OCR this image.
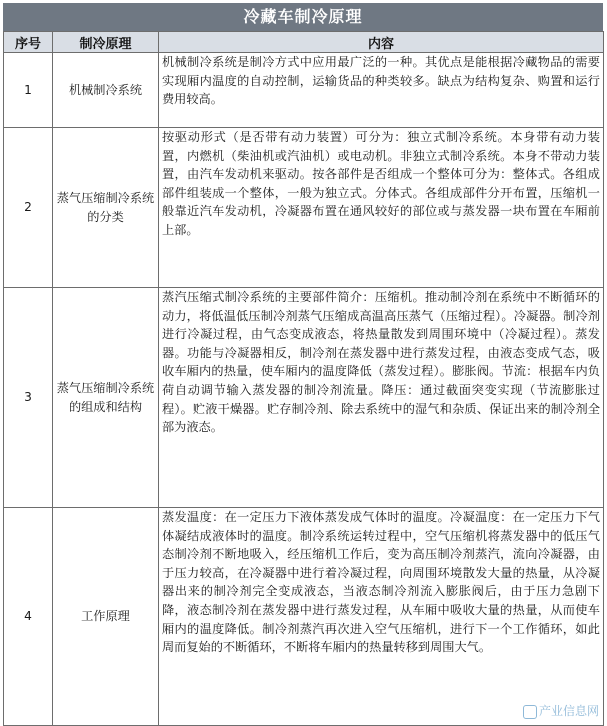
冷藏车制冷原理
序号	制冷原理	内容
1	机械制冷系统	机械制冷系统是制冷方式中应用最广泛的一种。其优点是能根据冷藏物品的需要实现厢内温度的自动控制，运输货品的种类较多。缺点为结构复杂、购置和运行费用较高。
2	蒸气压缩制冷系统的分类	按驱动形式（是否带有动力装置）可分为：独立式制冷系统。本身带有动力装置，内燃机（柴油机或汽油机）或电动机。非独立式制冷系统。本身不带动力装置，由汽车发动机来驱动。按各部件是否组成一个整体可分为：整体式。各组成部件组装成一个整体，一般为独立式。分体式。各组成部件分开布置，压缩机一般靠近汽车发动机，冷凝器布置在通风较好的部位或与蒸发器一块布置在车厢前上部。
3	蒸气压缩制冷系统的组成和结构	蒸汽压缩式制冷系统的主要部件简介：压缩机。推动制冷剂在系统中不断循环的动力，将低温低压制冷剂蒸气压缩成高温高压蒸气（压缩过程）。冷凝器。制冷剂进行冷凝过程，由气态变成液态，将热量散发到周围环境中（冷凝过程）。蒸发器。功能与冷凝器相反，制冷剂在蒸发器中进行蒸发过程，由液态变成气态，吸收车厢内的热量，使车厢内的温度降低（蒸发过程）。膨胀阀。节流：根据车内负荷自动调节输入蒸发器的制冷剂流量。降压：通过截面突变实现（节流膨胀过程）。贮液干燥器。贮存制冷剂、除去系统中的湿气和杂质、保证出来的制冷剂全部为液态。
4	工作原理	蒸发温度：在一定压力下液体蒸发成气体时的温度。冷凝温度：在一定压力下气体凝结成液体时的温度。制冷系统运转过程中，空气压缩机将蒸发器中的低压气态制冷剂不断地吸入，经压缩机工作后，变为高压制冷剂蒸汽，流向冷凝器，由于压力较高，在冷凝器中进行着冷凝过程，向周围环境散发大量的热量，从冷凝器出来的制冷剂完全变成液态，当液态制冷剂流入膨胀阀后，由于压力急剧下降，液态制冷剂在蒸发器中进行蒸发过程，从车厢中吸收大量的热量，从而使车厢内的温度降低。制冷剂蒸汽再次进入空气压缩机，进行下一个工作循环，如此周而复始的不断循环，不断将车厢内的热量转移到周围大气。
产业信息网
